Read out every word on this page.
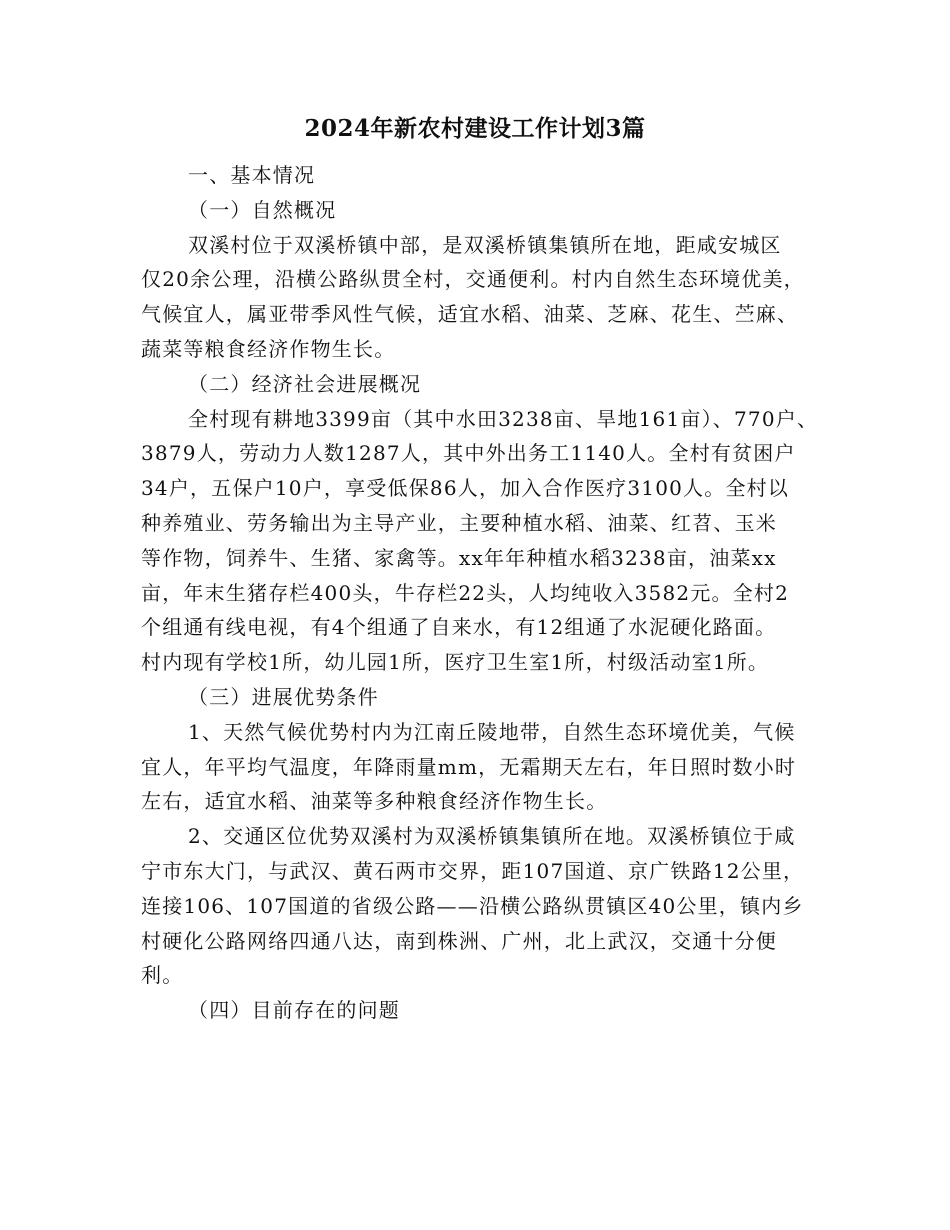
2024年新农村建设工作计划3篇
一、基本情况
（一）自然概况
双溪村位于双溪桥镇中部，是双溪桥镇集镇所在地，距咸安城区
仅20余公理，沿横公路纵贯全村，交通便利。村内自然生态环境优美，
气候宜人，属亚带季风性气候，适宜水稻、油菜、芝麻、花生、苎麻、
蔬菜等粮食经济作物生长。
（二）经济社会进展概况
全村现有耕地3399亩（其中水田3238亩、旱地161亩）、770户、
3879人，劳动力人数1287人，其中外出务工1140人。全村有贫困户
34户，五保户10户，享受低保86人，加入合作医疗3100人。全村以
种养殖业、劳务输出为主导产业，主要种植水稻、油菜、红苕、玉米
等作物，饲养牛、生猪、家禽等。xx年年种植水稻3238亩，油菜xx
亩，年末生猪存栏400头，牛存栏22头，人均纯收入3582元。全村2
个组通有线电视，有4个组通了自来水，有12组通了水泥硬化路面。
村内现有学校1所，幼儿园1所，医疗卫生室1所，村级活动室1所。
（三）进展优势条件
1、天然气候优势村内为江南丘陵地带，自然生态环境优美，气候
宜人，年平均气温度，年降雨量mm，无霜期天左右，年日照时数小时
左右，适宜水稻、油菜等多种粮食经济作物生长。
2、交通区位优势双溪村为双溪桥镇集镇所在地。双溪桥镇位于咸
宁市东大门，与武汉、黄石两市交界，距107国道、京广铁路12公里，
连接106、107国道的省级公路——沿横公路纵贯镇区40公里，镇内乡
村硬化公路网络四通八达，南到株洲、广州，北上武汉，交通十分便
利。
（四）目前存在的问题
